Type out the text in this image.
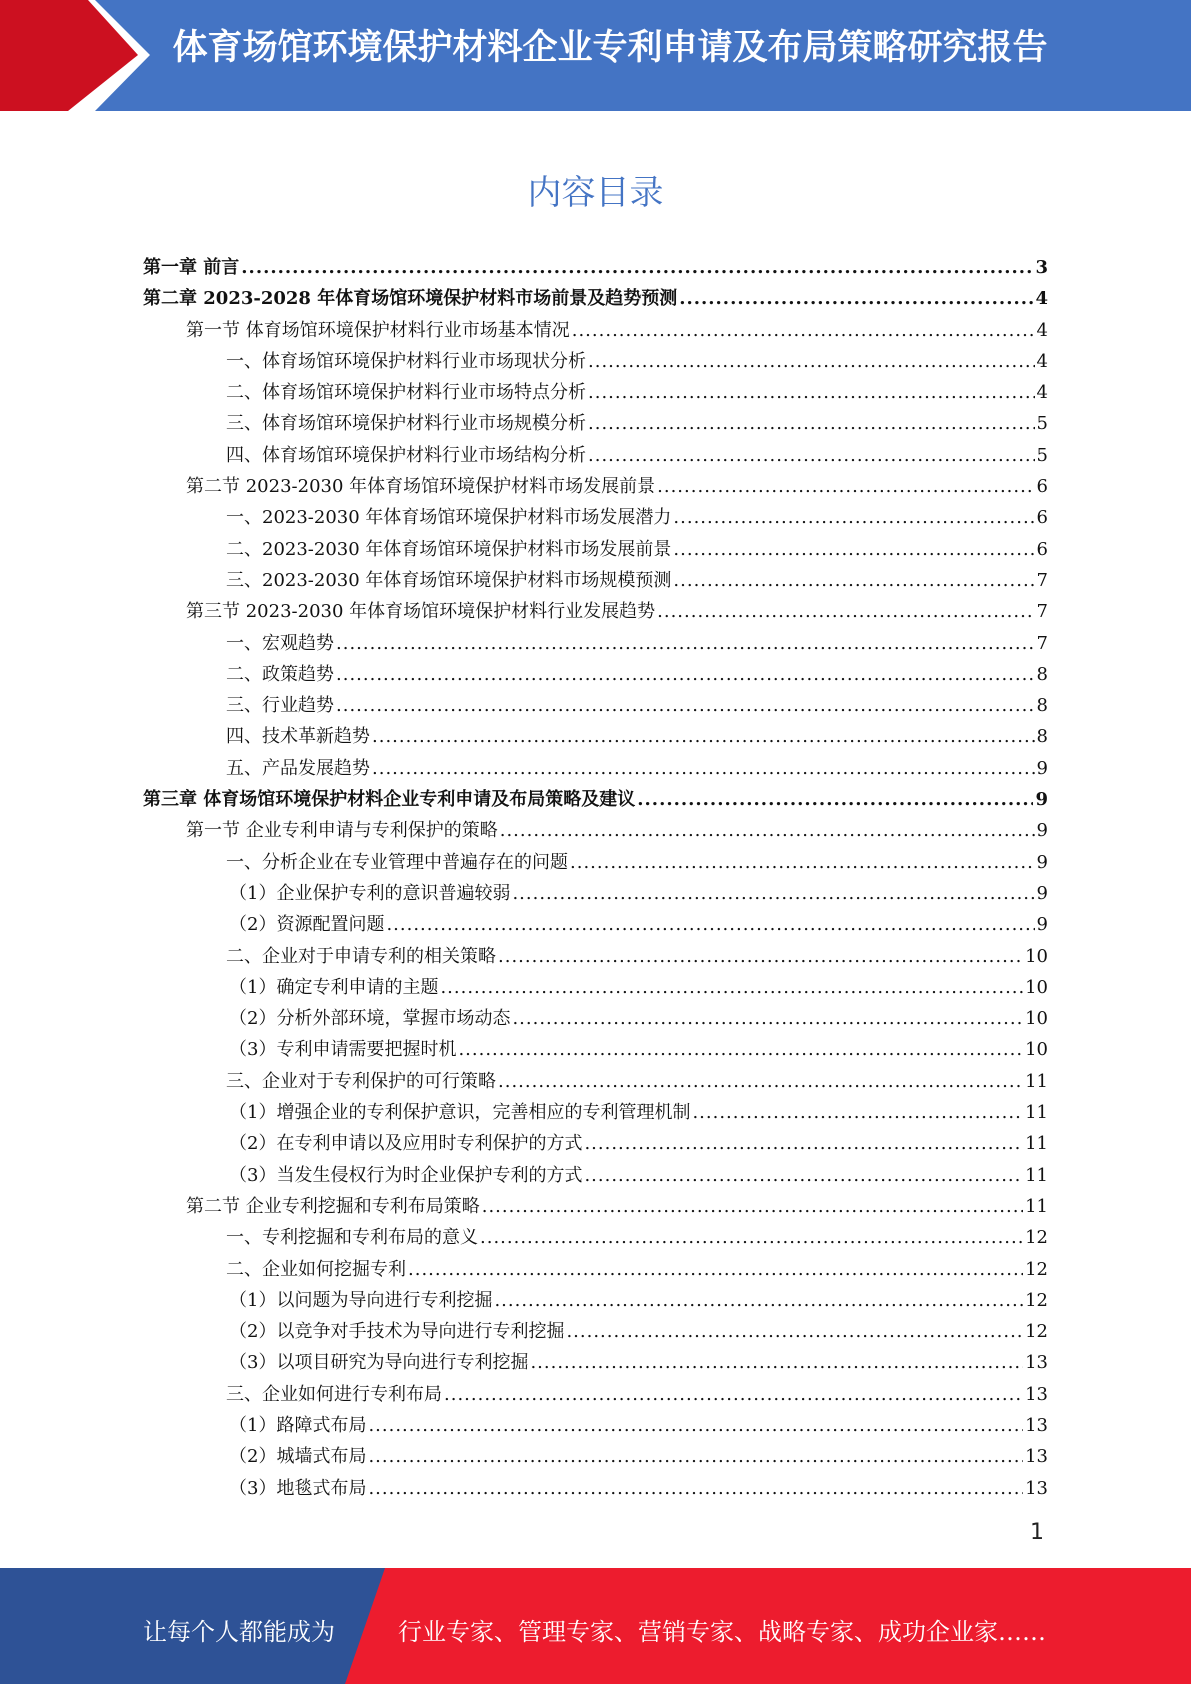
体育场馆环境保护材料企业专利申请及布局策略研究报告
内容目录
第一章 前言 .....	3
第二章 2023-2028 年体育场馆环境保护材料市场前景及趋势预测 .....	4
第一节 体育场馆环境保护材料行业市场基本情况 .....	4
一、体育场馆环境保护材料行业市场现状分析 .....	4
二、体育场馆环境保护材料行业市场特点分析 .....	4
三、体育场馆环境保护材料行业市场规模分析 .....	5
四、体育场馆环境保护材料行业市场结构分析 .....	5
第二节 2023-2030 年体育场馆环境保护材料市场发展前景 .....	6
一、2023-2030 年体育场馆环境保护材料市场发展潜力 .....	6
二、2023-2030 年体育场馆环境保护材料市场发展前景 .....	6
三、2023-2030 年体育场馆环境保护材料市场规模预测 .....	7
第三节 2023-2030 年体育场馆环境保护材料行业发展趋势 .....	7
一、宏观趋势 .....	7
二、政策趋势 .....	8
三、行业趋势 .....	8
四、技术革新趋势 .....	8
五、产品发展趋势 .....	9
第三章 体育场馆环境保护材料企业专利申请及布局策略及建议 .....	9
第一节 企业专利申请与专利保护的策略 .....	9
一、分析企业在专业管理中普遍存在的问题 .....	9
（1）企业保护专利的意识普遍较弱 .....	9
（2）资源配置问题 .....	9
二、企业对于申请专利的相关策略 .....	10
（1）确定专利申请的主题 .....	10
（2）分析外部环境，掌握市场动态 .....	10
（3）专利申请需要把握时机 .....	10
三、企业对于专利保护的可行策略 .....	11
（1）增强企业的专利保护意识，完善相应的专利管理机制 .....	11
（2）在专利申请以及应用时专利保护的方式 .....	11
（3）当发生侵权行为时企业保护专利的方式 .....	11
第二节 企业专利挖掘和专利布局策略 .....	11
一、专利挖掘和专利布局的意义 .....	12
二、企业如何挖掘专利 .....	12
（1）以问题为导向进行专利挖掘 .....	12
（2）以竞争对手技术为导向进行专利挖掘 .....	12
（3）以项目研究为导向进行专利挖掘 .....	13
三、企业如何进行专利布局 .....	13
（1）路障式布局 .....	13
（2）城墙式布局 .....	13
（3）地毯式布局 .....	13
1
让每个人都能成为	行业专家、管理专家、营销专家、战略专家、成功企业家……
